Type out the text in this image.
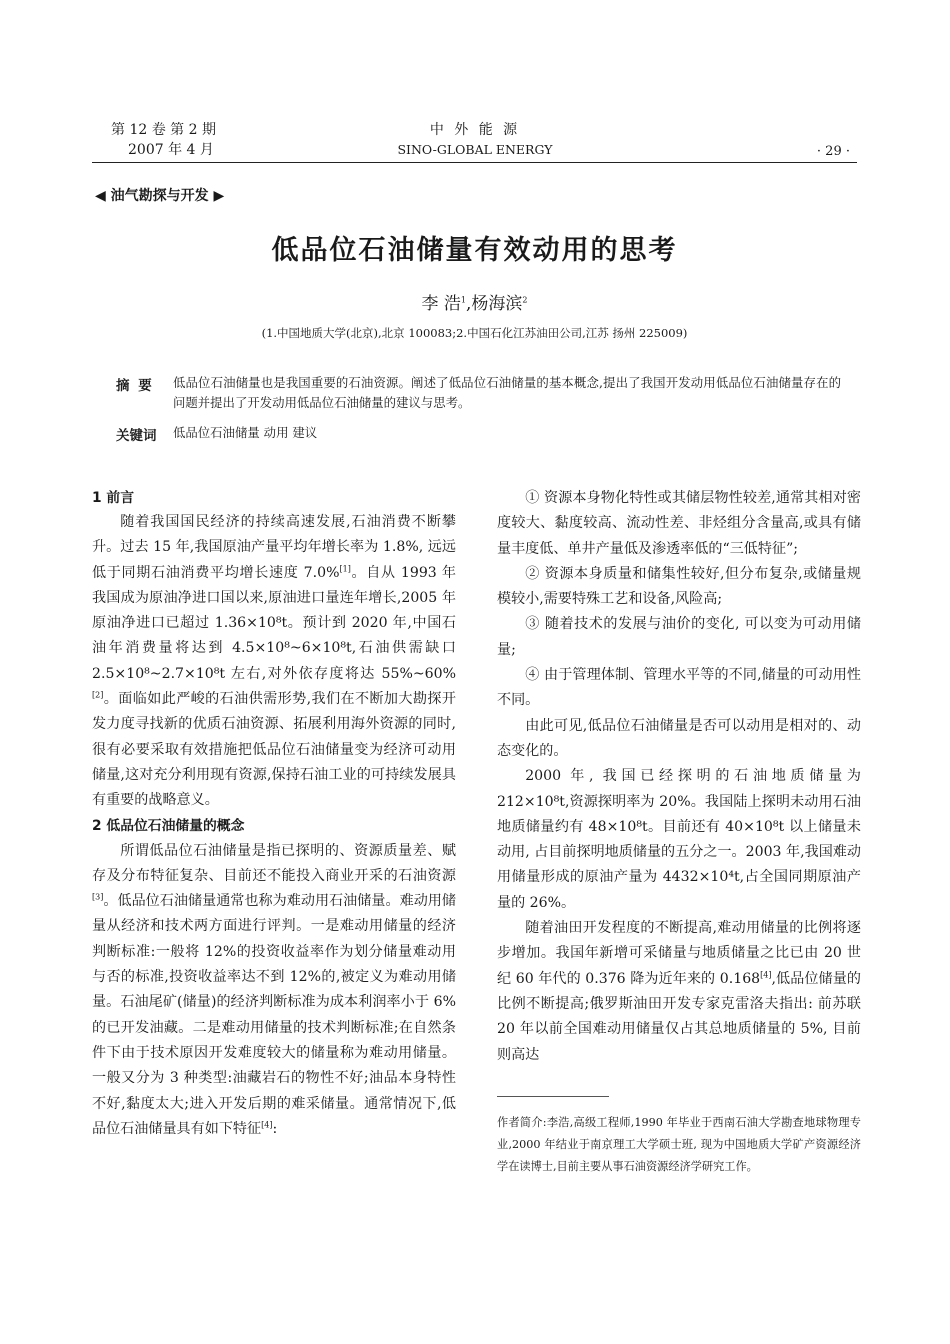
第 12 卷 第 2 期
2007 年 4 月
中 外 能 源
SINO-GLOBAL ENERGY	· 29 ·
◀ 油气勘探与开发 ▶
低品位石油储量有效动用的思考
李 浩$^1$,杨海滨$^2$
(1.中国地质大学(北京),北京 100083;2.中国石化江苏油田公司,江苏 扬州 225009)
摘 要 低品位石油储量也是我国重要的石油资源。阐述了低品位石油储量的基本概念,提出了我国开发动用低品位石油储量存在的问题并提出了开发动用低品位石油储量的建议与思考。
关键词 低品位石油储量 动用 建议

1 前言

随着我国国民经济的持续高速发展,石油消费不断攀升。过去 15 年,我国原油产量平均年增长率为 1.8%, 远远低于同期石油消费平均增长速度 7.0%[1]。自从 1993 年我国成为原油净进口国以来,原油进口量连年增长,2005 年原油净进口已超过 1.36×10⁸t。预计到 2020 年,中国石油年消费量将达到 4.5×10⁸~6×10⁸t,石油供需缺口 2.5×10⁸~2.7×10⁸t 左右,对外依存度将达 55%~60%[2]。面临如此严峻的石油供需形势,我们在不断加大勘探开发力度寻找新的优质石油资源、拓展利用海外资源的同时,很有必要采取有效措施把低品位石油储量变为经济可动用储量,这对充分利用现有资源,保持石油工业的可持续发展具有重要的战略意义。

2 低品位石油储量的概念

所谓低品位石油储量是指已探明的、资源质量差、赋存及分布特征复杂、目前还不能投入商业开采的石油资源[3]。低品位石油储量通常也称为难动用石油储量。难动用储量从经济和技术两方面进行评判。一是难动用储量的经济判断标准:一般将 12%的投资收益率作为划分储量难动用与否的标准,投资收益率达不到 12%的,被定义为难动用储量。石油尾矿(储量)的经济判断标准为成本利润率小于 6%的已开发油藏。二是难动用储量的技术判断标准;在自然条件下由于技术原因开发难度较大的储量称为难动用储量。一般又分为 3 种类型:油藏岩石的物性不好;油品本身特性不好,黏度太大;进入开发后期的难采储量。通常情况下,低品位石油储量具有如下特征[4]:

① 资源本身物化特性或其储层物性较差,通常其相对密度较大、黏度较高、流动性差、非烃组分含量高,或具有储量丰度低、单井产量低及渗透率低的“三低特征”;

② 资源本身质量和储集性较好,但分布复杂,或储量规模较小,需要特殊工艺和设备,风险高;

③ 随着技术的发展与油价的变化, 可以变为可动用储量;

④ 由于管理体制、管理水平等的不同,储量的可动用性不同。

由此可见,低品位石油储量是否可以动用是相对的、动态变化的。

2000 年, 我国已经探明的石油地质储量为 212×10⁸t,资源探明率为 20%。我国陆上探明未动用石油地质储量约有 48×10⁸t。目前还有 40×10⁸t 以上储量未动用, 占目前探明地质储量的五分之一。2003 年,我国难动用储量形成的原油产量为 4432×10⁴t,占全国同期原油产量的 26%。

随着油田开发程度的不断提高,难动用储量的比例将逐步增加。我国年新增可采储量与地质储量之比已由 20 世纪 60 年代的 0.376 降为近年来的 0.168[4],低品位储量的比例不断提高;俄罗斯油田开发专家克雷洛夫指出: 前苏联 20 年以前全国难动用储量仅占其总地质储量的 5%, 目前则高达

作者简介:李浩,高级工程师,1990 年毕业于西南石油大学勘查地球物理专业,2000 年结业于南京理工大学硕士班, 现为中国地质大学矿产资源经济学在读博士,目前主要从事石油资源经济学研究工作。
